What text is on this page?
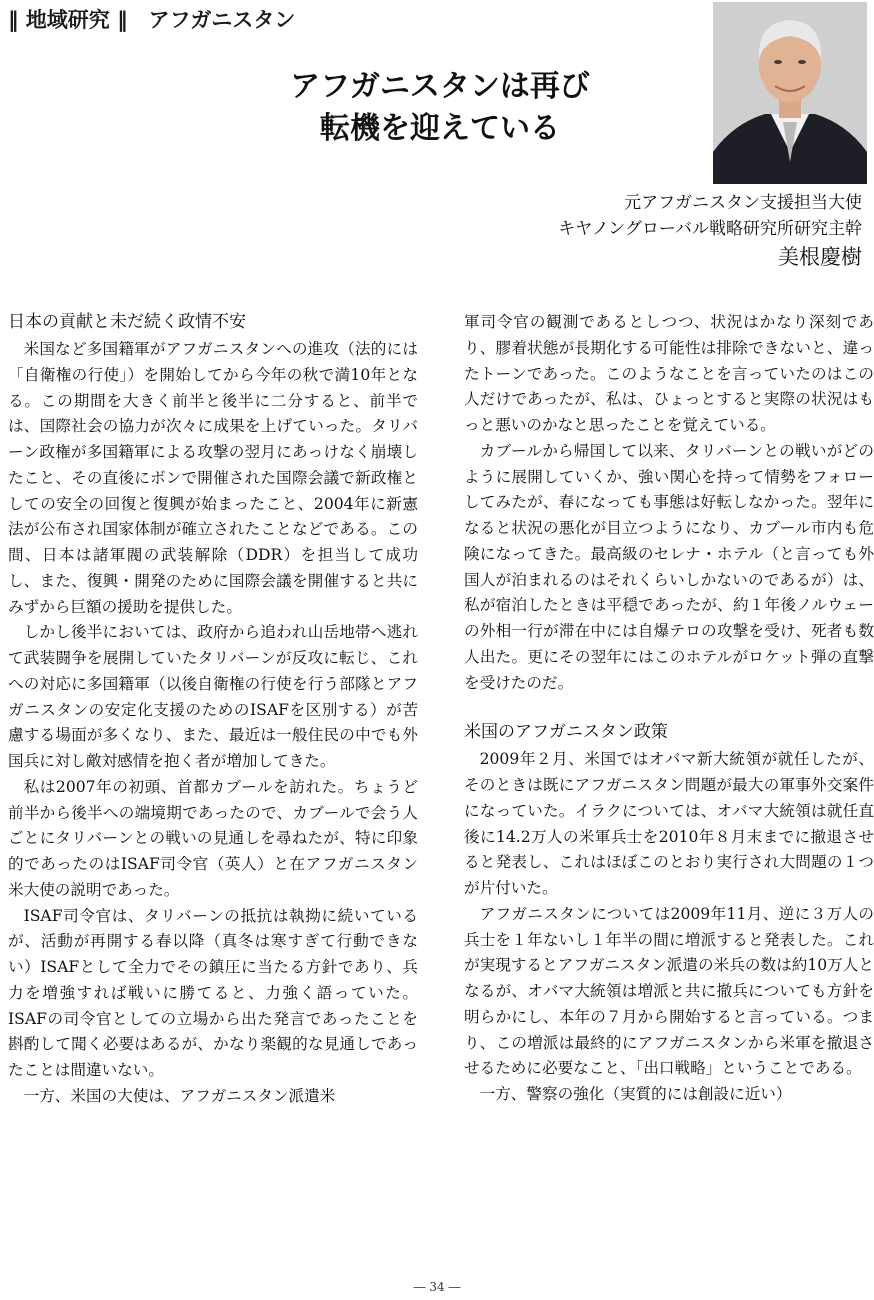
‖ 地域研究 ‖　アフガニスタン
アフガニスタンは再び
転機を迎えている
元アフガニスタン支援担当大使
キヤノングローバル戦略研究所研究主幹
美根慶樹
日本の貢献と未だ続く政情不安

米国など多国籍軍がアフガニスタンへの進攻（法的には「自衛権の行使」）を開始してから今年の秋で満10年となる。この期間を大きく前半と後半に二分すると、前半では、国際社会の協力が次々に成果を上げていった。タリバーン政権が多国籍軍による攻撃の翌月にあっけなく崩壊したこと、その直後にボンで開催された国際会議で新政権としての安全の回復と復興が始まったこと、2004年に新憲法が公布され国家体制が確立されたことなどである。この間、日本は諸軍閥の武装解除（DDR）を担当して成功し、また、復興・開発のために国際会議を開催すると共にみずから巨額の援助を提供した。

しかし後半においては、政府から追われ山岳地帯へ逃れて武装闘争を展開していたタリバーンが反攻に転じ、これへの対応に多国籍軍（以後自衛権の行使を行う部隊とアフガニスタンの安定化支援のためのISAFを区別する）が苦慮する場面が多くなり、また、最近は一般住民の中でも外国兵に対し敵対感情を抱く者が増加してきた。

私は2007年の初頭、首都カブールを訪れた。ちょうど前半から後半への端境期であったので、カブールで会う人ごとにタリバーンとの戦いの見通しを尋ねたが、特に印象的であったのはISAF司令官（英人）と在アフガニスタン米大使の説明であった。

ISAF司令官は、タリバーンの抵抗は執拗に続いているが、活動が再開する春以降（真冬は寒すぎて行動できない）ISAFとして全力でその鎮圧に当たる方針であり、兵力を増強すれば戦いに勝てると、力強く語っていた。ISAFの司令官としての立場から出た発言であったことを斟酌して聞く必要はあるが、かなり楽観的な見通しであったことは間違いない。

一方、米国の大使は、アフガニスタン派遣米

軍司令官の観測であるとしつつ、状況はかなり深刻であり、膠着状態が長期化する可能性は排除できないと、違ったトーンであった。このようなことを言っていたのはこの人だけであったが、私は、ひょっとすると実際の状況はもっと悪いのかなと思ったことを覚えている。

カブールから帰国して以来、タリバーンとの戦いがどのように展開していくか、強い関心を持って情勢をフォローしてみたが、春になっても事態は好転しなかった。翌年になると状況の悪化が目立つようになり、カブール市内も危険になってきた。最高級のセレナ・ホテル（と言っても外国人が泊まれるのはそれくらいしかないのであるが）は、私が宿泊したときは平穏であったが、約１年後ノルウェーの外相一行が滞在中には自爆テロの攻撃を受け、死者も数人出た。更にその翌年にはこのホテルがロケット弾の直撃を受けたのだ。

米国のアフガニスタン政策

2009年２月、米国ではオバマ新大統領が就任したが、そのときは既にアフガニスタン問題が最大の軍事外交案件になっていた。イラクについては、オバマ大統領は就任直後に14.2万人の米軍兵士を2010年８月末までに撤退させると発表し、これはほぼこのとおり実行され大問題の１つが片付いた。

アフガニスタンについては2009年11月、逆に３万人の兵士を１年ないし１年半の間に増派すると発表した。これが実現するとアフガニスタン派遣の米兵の数は約10万人となるが、オバマ大統領は増派と共に撤兵についても方針を明らかにし、本年の７月から開始すると言っている。つまり、この増派は最終的にアフガニスタンから米軍を撤退させるために必要なこと、「出口戦略」ということである。

一方、警察の強化（実質的には創設に近い）

― 34 ―
